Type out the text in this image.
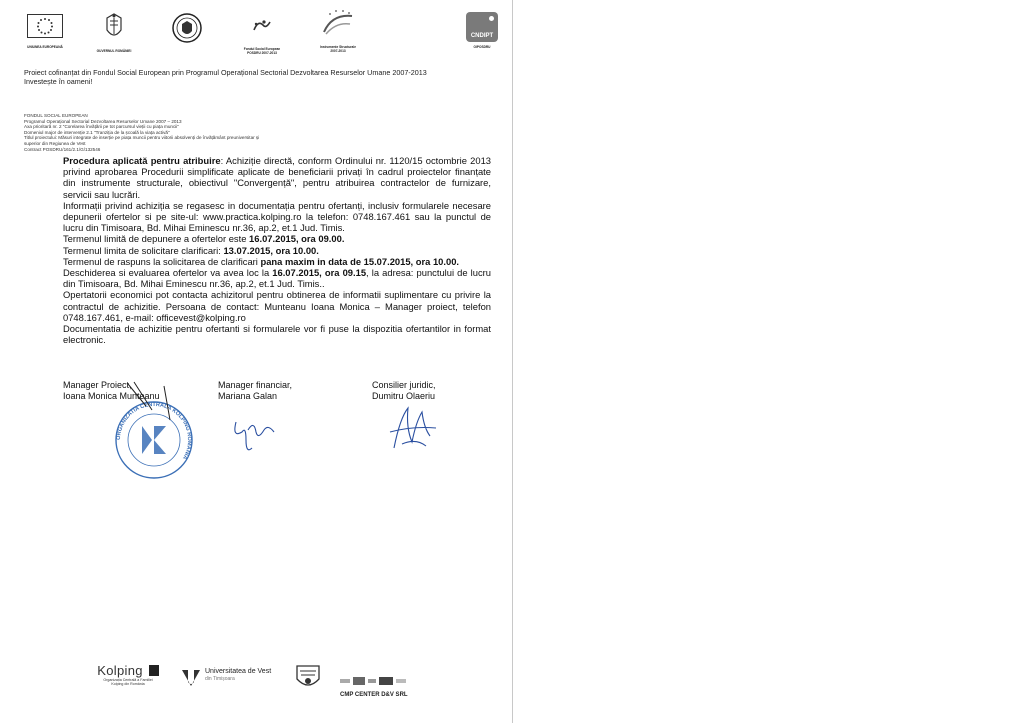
UNIUNEA EUROPEANĂ
GUVERNUL ROMÂNIEI	Fondul Social European
POSDRU 2007-2013
Instrumente Structurale
2007-2013
CNDIPT
OIPOSDRU
Proiect cofinanțat din Fondul Social European prin Programul Operațional Sectorial Dezvoltarea Resurselor Umane 2007-2013
Investește în oameni!
FONDUL SOCIAL EUROPEAN
Programul Operațional Sectorial Dezvoltarea Resurselor Umane 2007 – 2013
Axa prioritară nr. 2 "Corelarea învățării pe tot parcursul vieții cu piața muncii"
Domeniul major de intervenție 2.1 "Tranziția de la școală la viața activă"
Titlul proiectului: Măsuri integrate de inserție pe piața muncii pentru viitorii absolvenți de învățământ preuniversitar și
superior din Regiunea de Vest
Contract POSDRU/161/2.1/G/132546

Procedura aplicată pentru atribuire: Achiziție directă, conform Ordinului nr. 1120/15 octombrie 2013 privind aprobarea Procedurii simplificate aplicate de beneficiarii privați în cadrul proiectelor finanțate din instrumente structurale, obiectivul "Convergență", pentru atribuirea contractelor de furnizare, servicii sau lucrări.

Informații privind achiziția se regasesc in documentația pentru ofertanți, inclusiv formularele necesare depunerii ofertelor si pe site-ul: www.practica.kolping.ro la telefon: 0748.167.461 sau la punctul de lucru din Timisoara, Bd. Mihai Eminescu nr.36, ap.2, et.1 Jud. Timis.

Termenul limită de depunere a ofertelor este 16.07.2015, ora 09.00.

Termenul limita de solicitare clarificari: 13.07.2015, ora 10.00.

Termenul de raspuns la solicitarea de clarificari pana maxim in data de 15.07.2015, ora 10.00.

Deschiderea si evaluarea ofertelor va avea loc la 16.07.2015, ora 09.15, la adresa: punctului de lucru din Timisoara, Bd. Mihai Eminescu nr.36, ap.2, et.1 Jud. Timis..

Opertatorii economici pot contacta achizitorul pentru obtinerea de informatii suplimentare cu privire la contractul de achizitie. Persoana de contact: Munteanu Ioana Monica – Manager proiect, telefon 0748.167.461, e-mail: officevest@kolping.ro

Documentatia de achizitie pentru ofertanti si formularele vor fi puse la dispozitia ofertantilor in format electronic.

Manager Proiect,
Ioana Monica Munteanu
Manager financiar,
Mariana Galan
Consilier juridic,
Dumitru Olaeriu
ORGANIZATIA CENTRALA KOLPING ROMANIA
Kolping
Organizația Centrală a Familiei
Kolping din România
Universitatea de Vest
din Timișoara
CMP CENTER D&V SRL
